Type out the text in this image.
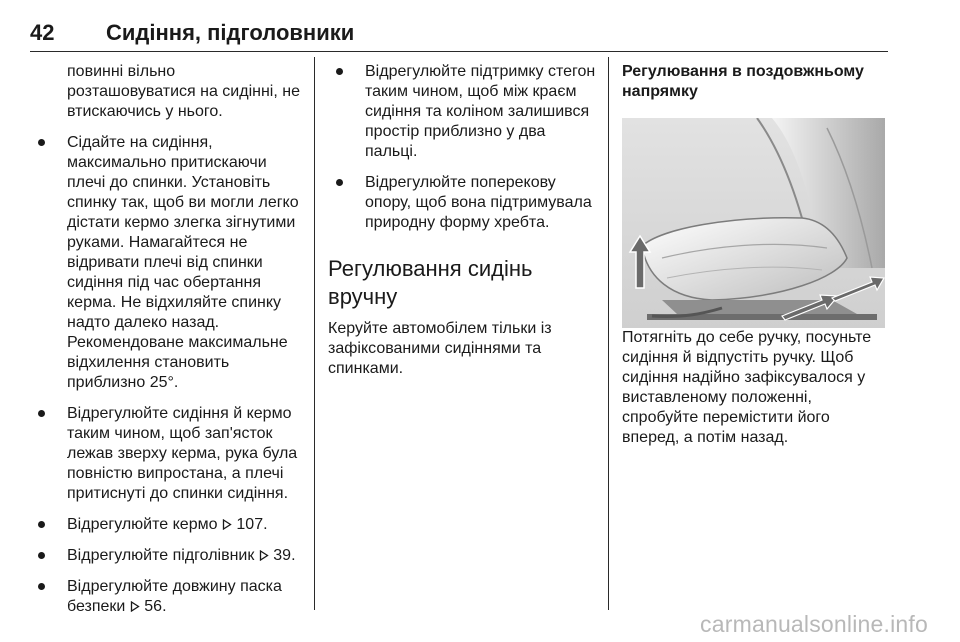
42 Сидіння, підголовники

повинні вільно розташовуватися на сидінні, не втискаючись у нього.

Сідайте на сидіння, максимально притискаючи плечі до спинки. Установіть спинку так, щоб ви могли легко дістати кермо злегка зігнутими руками. Намагайтеся не відривати плечі від спинки сидіння під час обертання керма. Не відхиляйте спинку надто далеко назад. Рекомендоване максимальне відхилення становить приблизно 25°.
Відрегулюйте сидіння й кермо таким чином, щоб зап'ясток лежав зверху керма, рука була повністю випростана, а плечі притиснуті до спинки сидіння.
Відрегулюйте кермо 107.
Відрегулюйте підголівник 39.
Відрегулюйте довжину паска безпеки 56.
Відрегулюйте підтримку стегон таким чином, щоб між краєм сидіння та коліном залишився простір приблизно у два пальці.
Відрегулюйте поперекову опору, щоб вона підтримувала природну форму хребта.
Регулювання сидінь вручну

Керуйте автомобілем тільки із зафіксованими сидіннями та спинками.

Регулювання в поздовжньому напрямку

Потягніть до себе ручку, посуньте сидіння й відпустіть ручку. Щоб сидіння надійно зафіксувалося у виставленому положенні, спробуйте перемістити його вперед, а потім назад.

carmanualsonline.info
